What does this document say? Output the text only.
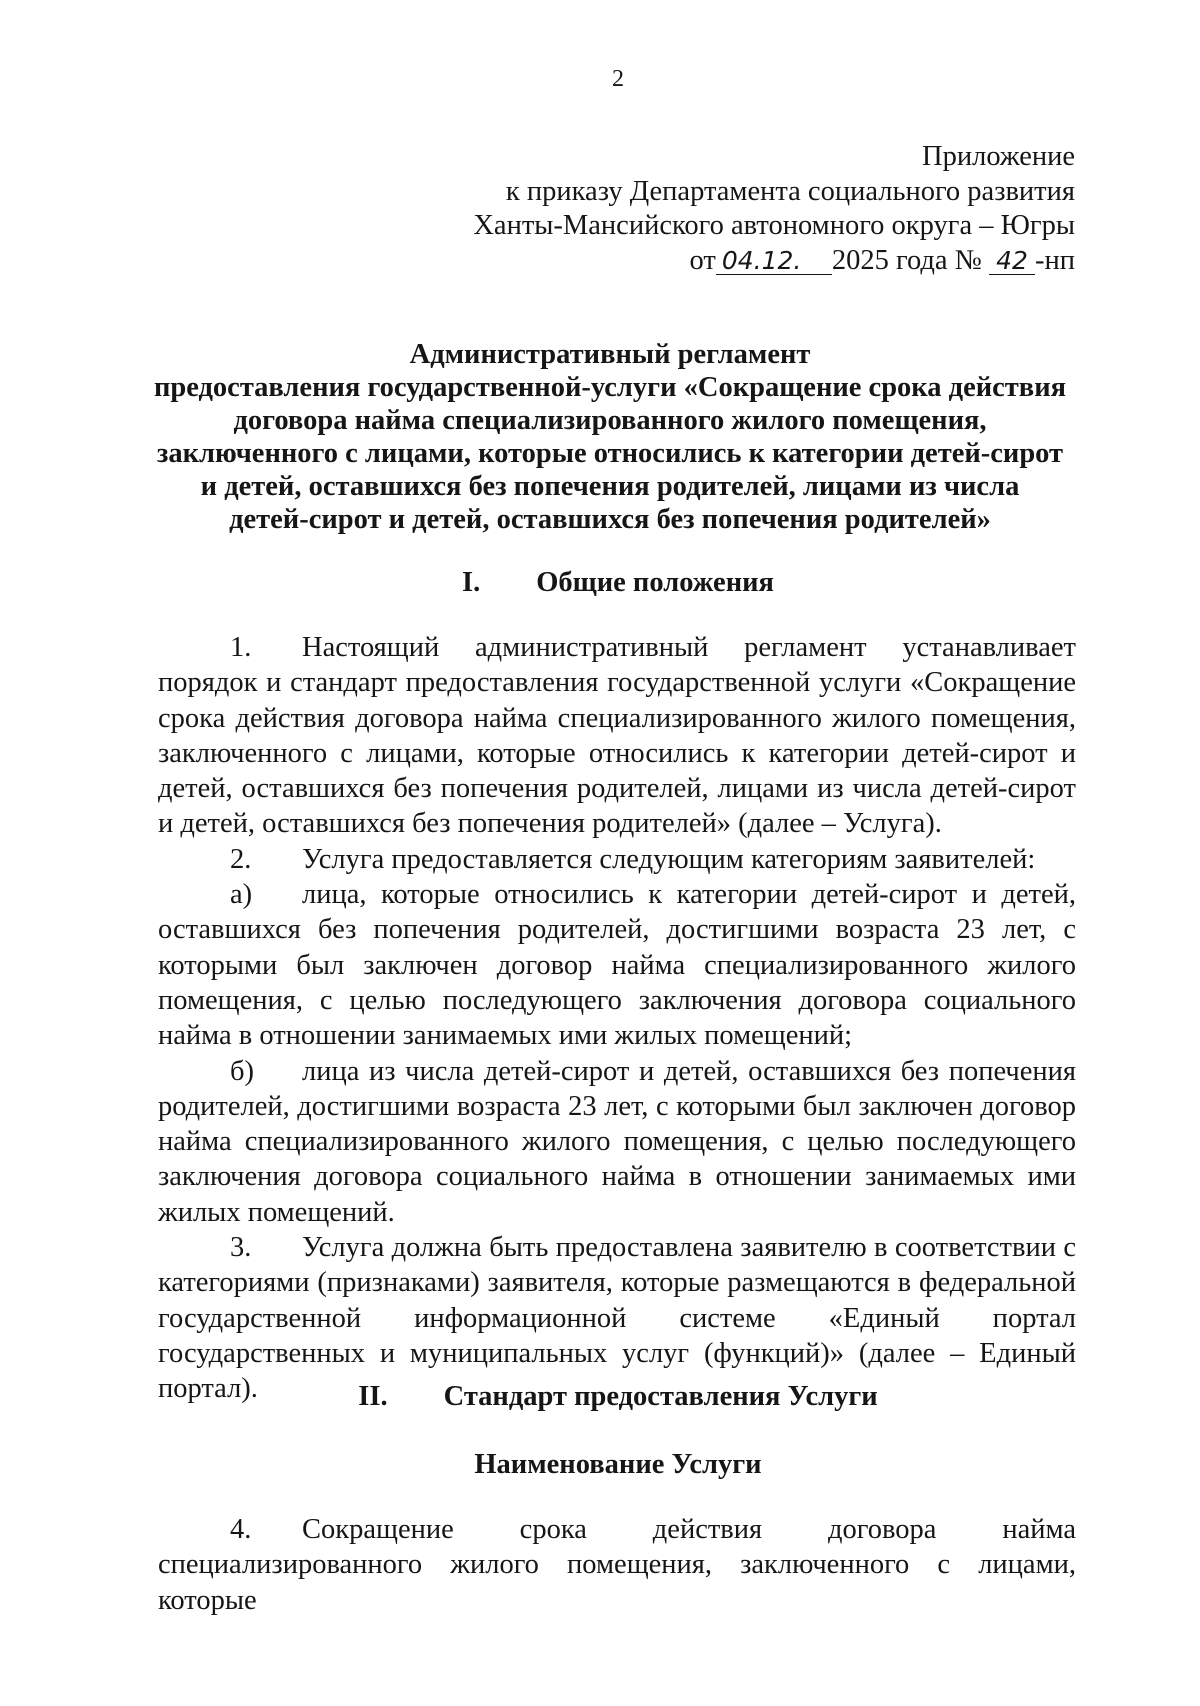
2
Приложение
к приказу Департамента социального развития
Ханты-Мансийского автономного округа – Югры
от 04.12. 2025 года № 42 -нп
Административный регламент
предоставления государственной-услуги «Сокращение срока действия
договора найма специализированного жилого помещения,
заключенного с лицами, которые относились к категории детей-сирот
и детей, оставшихся без попечения родителей, лицами из числа
детей-сирот и детей, оставшихся без попечения родителей»
I. Общие положения

1. Настоящий административный регламент устанавливает порядок и стандарт предоставления государственной услуги «Сокращение срока действия договора найма специализированного жилого помещения, заключенного с лицами, которые относились к категории детей-сирот и детей, оставшихся без попечения родителей, лицами из числа детей-сирот и детей, оставшихся без попечения родителей» (далее – Услуга).

2. Услуга предоставляется следующим категориям заявителей:

а) лица, которые относились к категории детей-сирот и детей, оставшихся без попечения родителей, достигшими возраста 23 лет, с которыми был заключен договор найма специализированного жилого помещения, с целью последующего заключения договора социального найма в отношении занимаемых ими жилых помещений;

б) лица из числа детей-сирот и детей, оставшихся без попечения родителей, достигшими возраста 23 лет, с которыми был заключен договор найма специализированного жилого помещения, с целью последующего заключения договора социального найма в отношении занимаемых ими жилых помещений.

3. Услуга должна быть предоставлена заявителю в соответствии с категориями (признаками) заявителя, которые размещаются в федеральной государственной информационной системе «Единый портал государственных и муниципальных услуг (функций)» (далее – Единый портал).	II. Стандарт предоставления Услуги
Наименование Услуги

4. Сокращение срока действия договора найма специализированного жилого помещения, заключенного с лицами, которые
